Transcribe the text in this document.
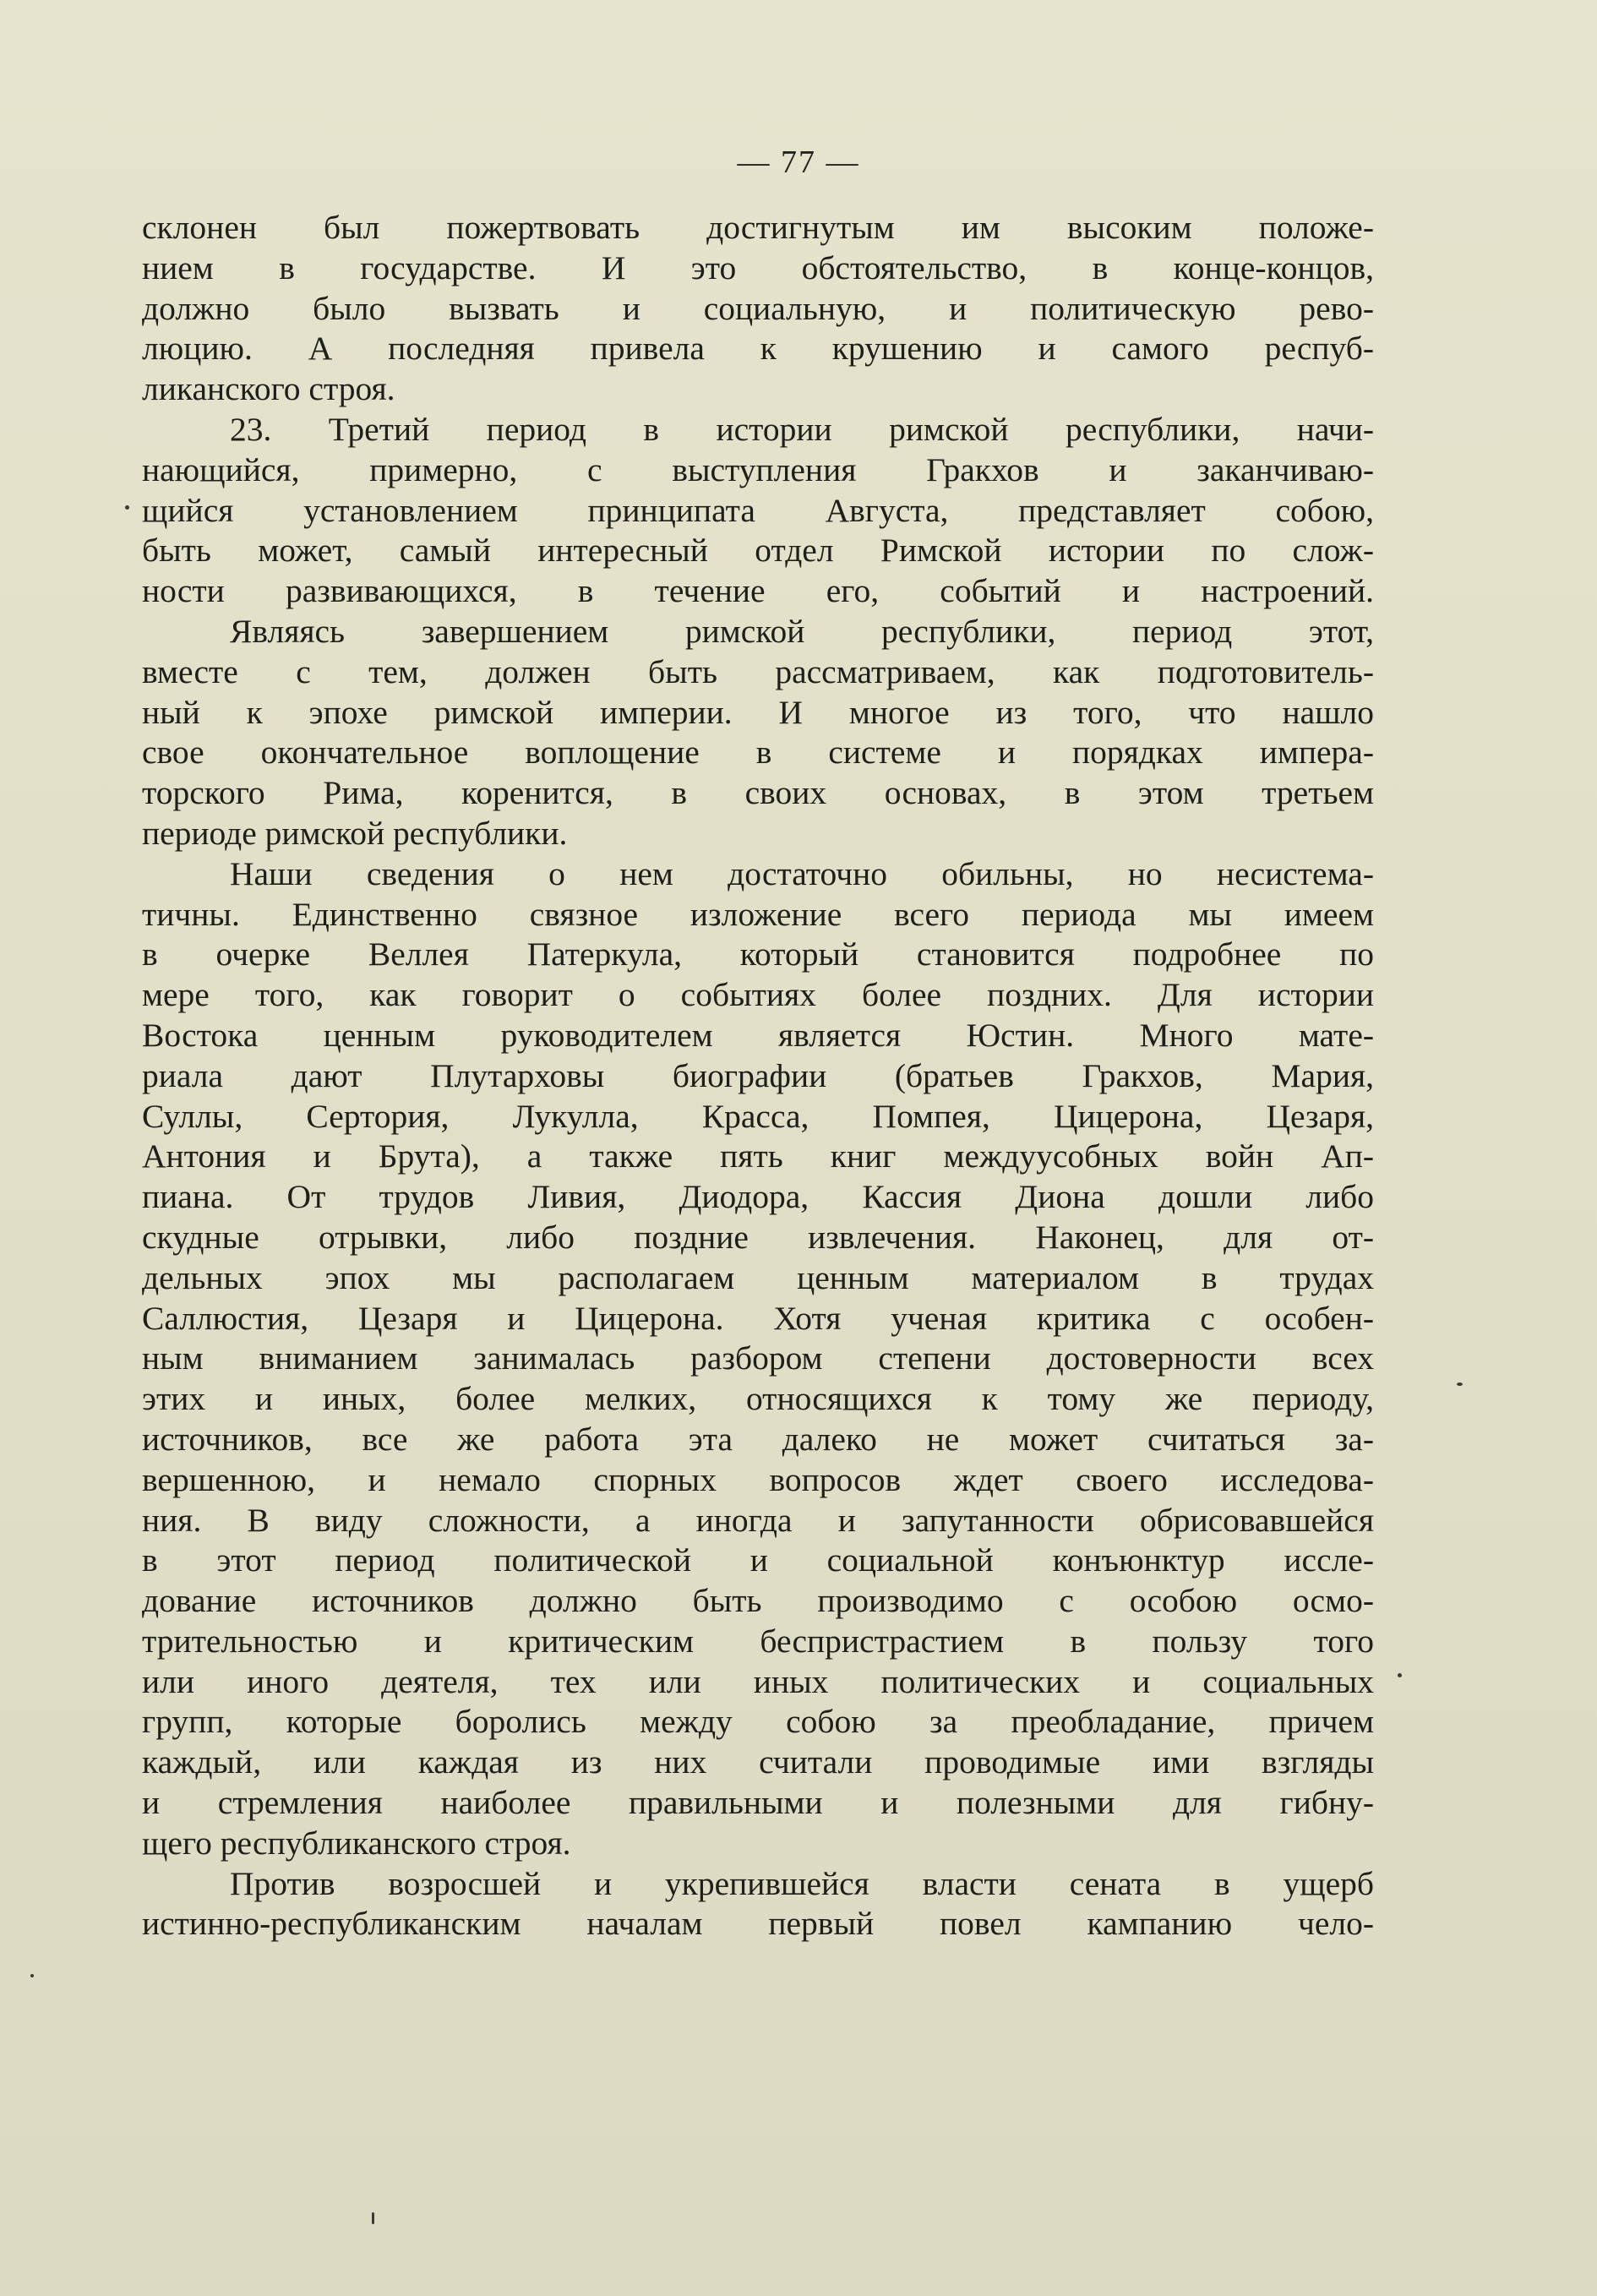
— 77 —
склонен был пожертвовать достигнутым им высоким положе-
нием в государстве. И это обстоятельство, в конце-концов,
должно было вызвать и социальную, и политическую рево-
люцию. А последняя привела к крушению и самого респуб-
ликанского строя.
23. Третий период в истории римской республики, начи-
нающийся, примерно, с выступления Гракхов и заканчиваю-
щийся установлением принципата Августа, представляет собою,
быть может, самый интересный отдел Римской истории по слож-
ности развивающихся, в течение его, событий и настроений.
Являясь завершением римской республики, период этот,
вместе с тем, должен быть рассматриваем, как подготовитель-
ный к эпохе римской империи. И многое из того, что нашло
свое окончательное воплощение в системе и порядках импера-
торского Рима, коренится, в своих основах, в этом третьем
периоде римской республики.
Наши сведения о нем достаточно обильны, но несистема-
тичны. Единственно связное изложение всего периода мы имеем
в очерке Веллея Патеркула, который становится подробнее по
мере того, как говорит о событиях более поздних. Для истории
Востока ценным руководителем является Юстин. Много мате-
риала дают Плутарховы биографии (братьев Гракхов, Мария,
Суллы, Сертория, Лукулла, Красса, Помпея, Цицерона, Цезаря,
Антония и Брута), а также пять книг междуусобных войн Ап-
пиана. От трудов Ливия, Диодора, Кассия Диона дошли либо
скудные отрывки, либо поздние извлечения. Наконец, для от-
дельных эпох мы располагаем ценным материалом в трудах
Саллюстия, Цезаря и Цицерона. Хотя ученая критика с особен-
ным вниманием занималась разбором степени достоверности всех
этих и иных, более мелких, относящихся к тому же периоду,
источников, все же работа эта далеко не может считаться за-
вершенною, и немало спорных вопросов ждет своего исследова-
ния. В виду сложности, а иногда и запутанности обрисовавшейся
в этот период политической и социальной конъюнктур иссле-
дование источников должно быть производимо с особою осмо-
трительностью и критическим беспристрастием в пользу того
или иного деятеля, тех или иных политических и социальных
групп, которые боролись между собою за преобладание, причем
каждый, или каждая из них считали проводимые ими взгляды
и стремления наиболее правильными и полезными для гибну-
щего республиканского строя.
Против возросшей и укрепившейся власти сената в ущерб
истинно-республиканским началам первый повел кампанию чело-
